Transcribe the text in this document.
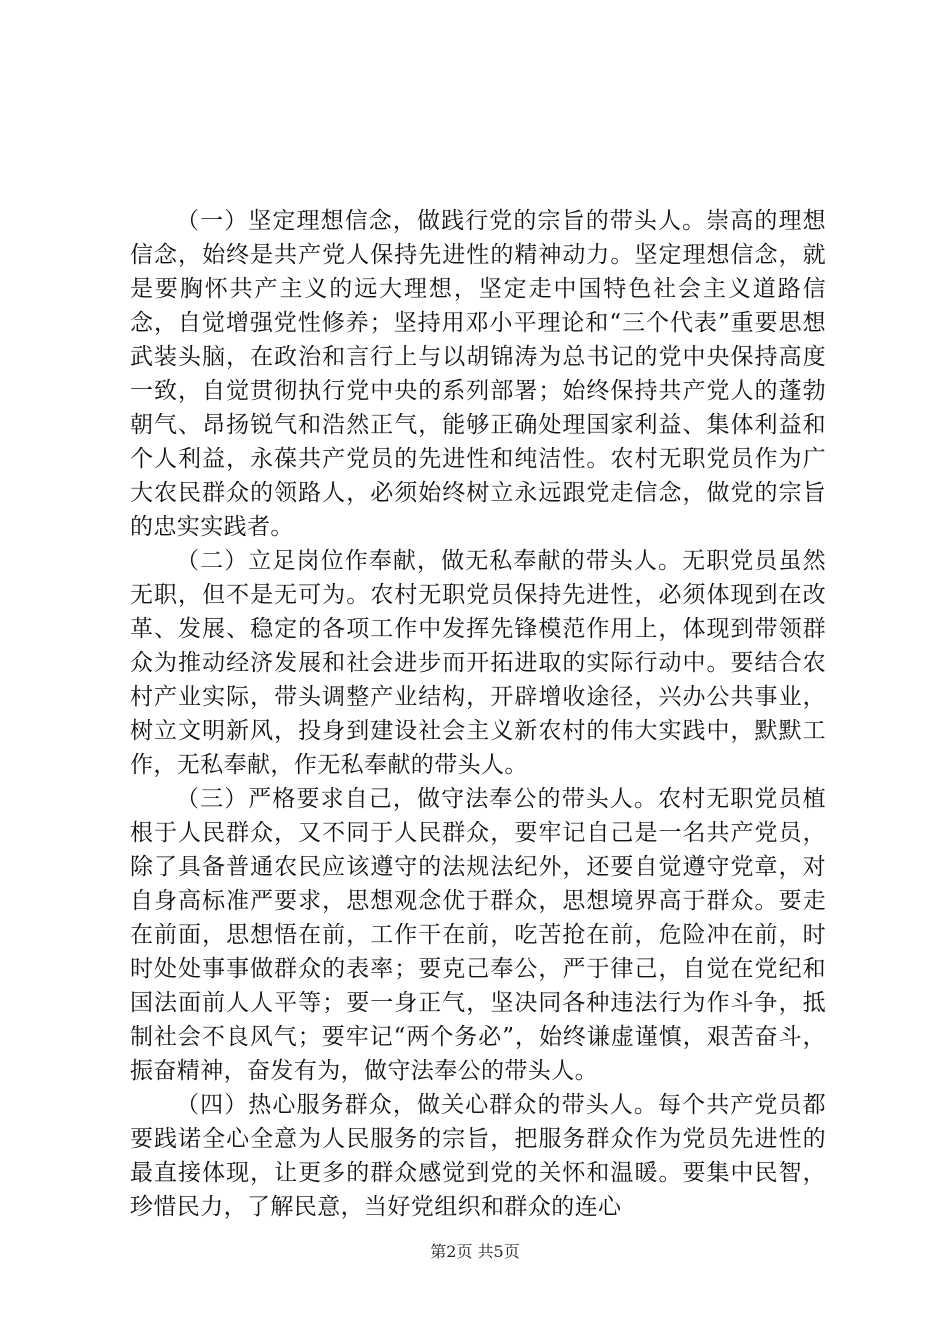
（一）坚定理想信念，做践行党的宗旨的带头人。崇高的理想信念，始终是共产党人保持先进性的精神动力。坚定理想信念，就是要胸怀共产主义的远大理想，坚定走中国特色社会主义道路信念，自觉增强党性修养；坚持用邓小平理论和“三个代表”重要思想武装头脑，在政治和言行上与以胡锦涛为总书记的党中央保持高度一致，自觉贯彻执行党中央的系列部署；始终保持共产党人的蓬勃朝气、昂扬锐气和浩然正气，能够正确处理国家利益、集体利益和个人利益，永葆共产党员的先进性和纯洁性。农村无职党员作为广大农民群众的领路人，必须始终树立永远跟党走信念，做党的宗旨的忠实实践者。

（二）立足岗位作奉献，做无私奉献的带头人。无职党员虽然无职，但不是无可为。农村无职党员保持先进性，必须体现到在改革、发展、稳定的各项工作中发挥先锋模范作用上，体现到带领群众为推动经济发展和社会进步而开拓进取的实际行动中。要结合农村产业实际，带头调整产业结构，开辟增收途径，兴办公共事业，树立文明新风，投身到建设社会主义新农村的伟大实践中，默默工作，无私奉献，作无私奉献的带头人。

（三）严格要求自己，做守法奉公的带头人。农村无职党员植根于人民群众，又不同于人民群众，要牢记自己是一名共产党员，除了具备普通农民应该遵守的法规法纪外，还要自觉遵守党章，对自身高标准严要求，思想观念优于群众，思想境界高于群众。要走在前面，思想悟在前，工作干在前，吃苦抢在前，危险冲在前，时时处处事事做群众的表率；要克己奉公，严于律己，自觉在党纪和国法面前人人平等；要一身正气，坚决同各种违法行为作斗争，抵制社会不良风气；要牢记“两个务必”，始终谦虚谨慎，艰苦奋斗，振奋精神，奋发有为，做守法奉公的带头人。

（四）热心服务群众，做关心群众的带头人。每个共产党员都要践诺全心全意为人民服务的宗旨，把服务群众作为党员先进性的最直接体现，让更多的群众感觉到党的关怀和温暖。要集中民智，珍惜民力，了解民意，当好党组织和群众的连心

第2页 共5页
